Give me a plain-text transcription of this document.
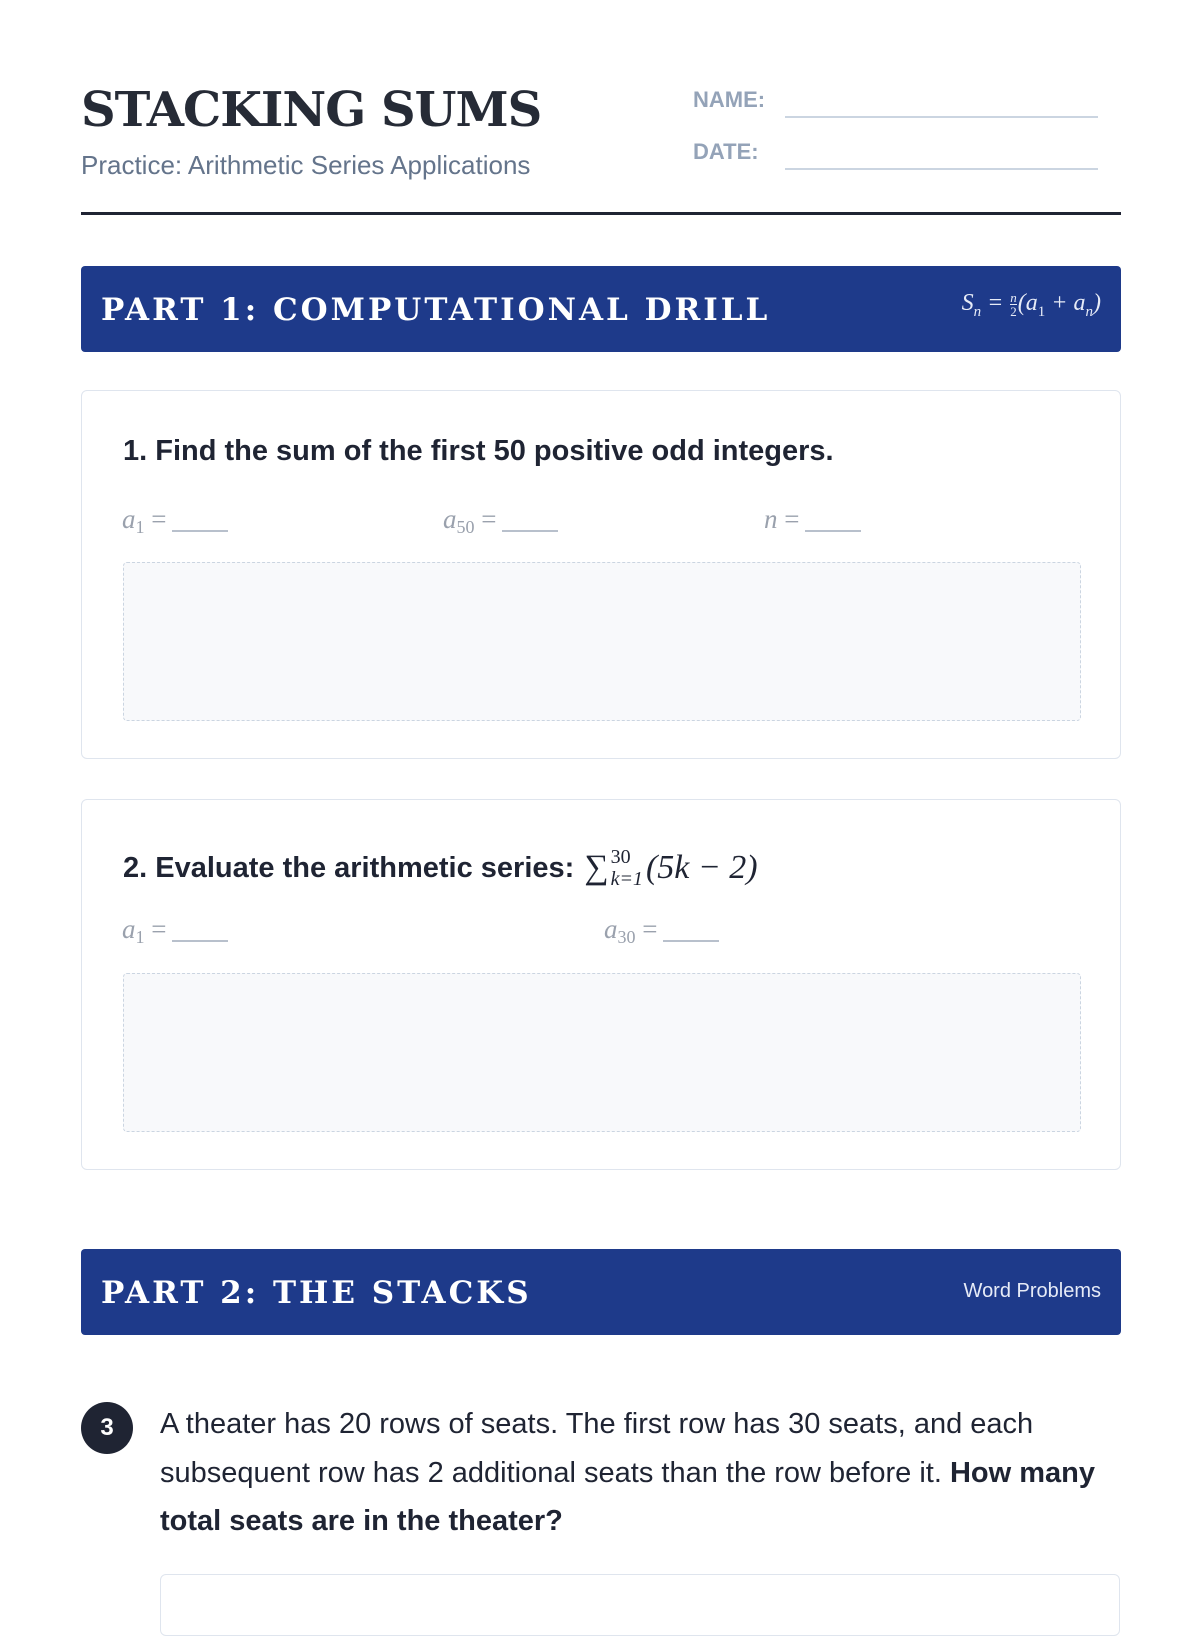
STACKING SUMS
Practice: Arithmetic Series Applications
NAME:
DATE:
PART 1: COMPUTATIONAL DRILL	$S_n = \frac{n}{2} (a_1 + a_n)$
1. Find the sum of the first 50 positive odd integers.
$a_1$ =	$a_{50}$ =	n =
2. Evaluate the arithmetic series: ∑ 30
k=1 (5k − 2)
$a_1$ =	$a_{30}$ =
PART 2: THE STACKS	Word Problems
3	A theater has 20 rows of seats. The first row has 30 seats, and each subsequent row has 2 additional seats than the row before it. How many total seats are in the theater?
